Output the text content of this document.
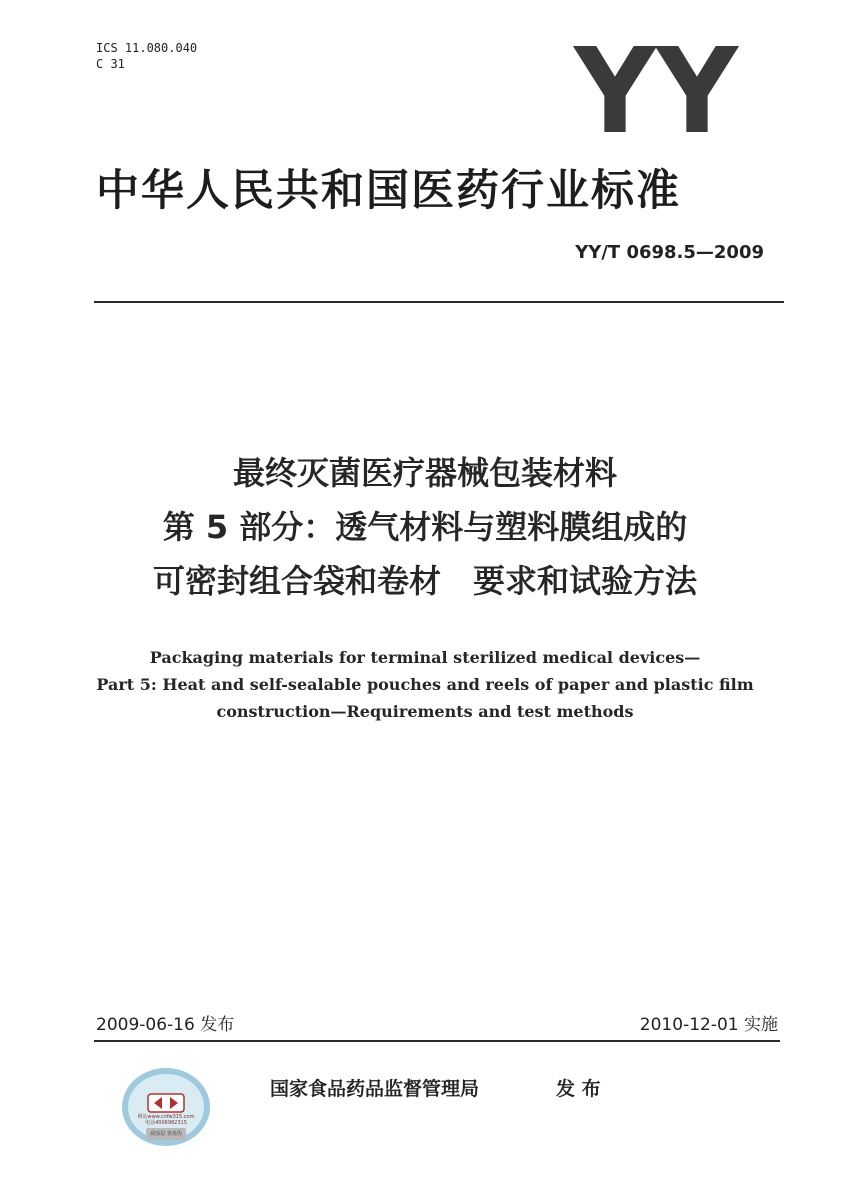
ICS 11.080.040
C 31	YY
中华人民共和国医药行业标准
YY/T 0698.5—2009
最终灭菌医疗器械包装材料
第 5 部分：透气材料与塑料膜组成的
可密封组合袋和卷材　要求和试验方法
Packaging materials for terminal sterilized medical devices—
Part 5: Heat and self-sealable pouches and reels of paper and plastic film
construction—Requirements and test methods
2009-06-16 发布	2010-12-01 实施
网站www.cnfw315.com
电话4006982315
刮涂层 查真伪
国家食品药品监督管理局	发 布
